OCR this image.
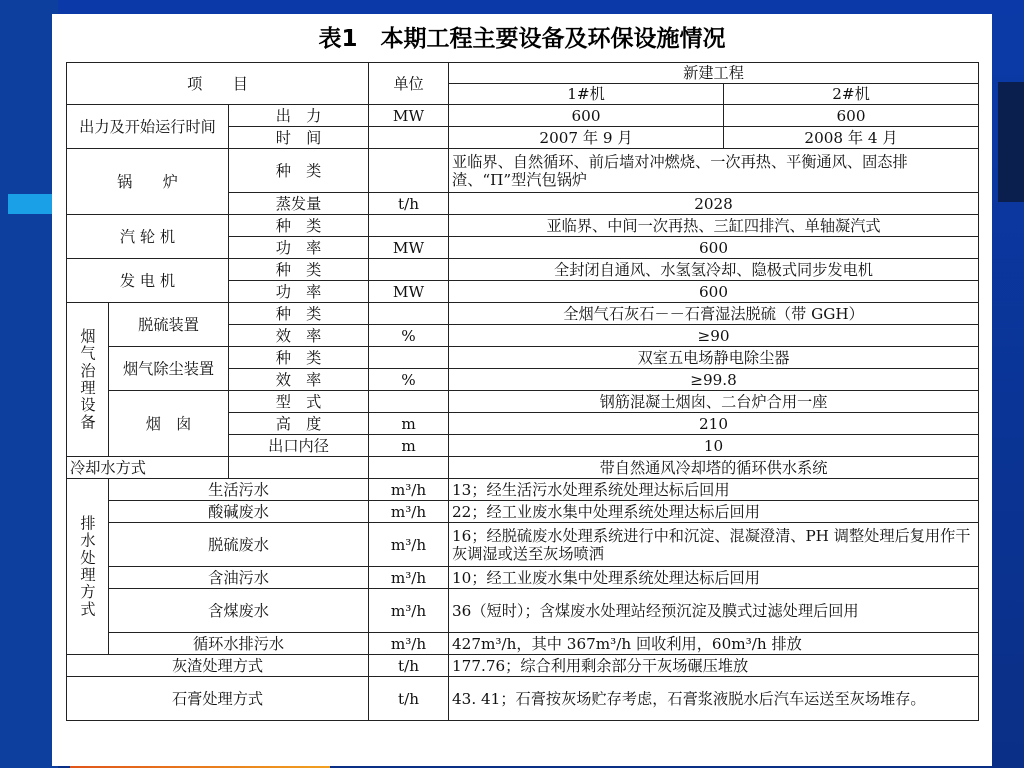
表1　本期工程主要设备及环保设施情况
项　　目			单位	新建工程	
				1#机	2#机
出力及开始运行时间		出　力	MW	600	600
		时　间		2007 年 9 月	2008 年 4 月
锅　　炉		种　类		亚临界、自然循环、前后墙对冲燃烧、一次再热、平衡通风、固态排渣、“П”型汽包锅炉	
		蒸发量	t/h	2028	
汽 轮 机		种　类		亚临界、中间一次再热、三缸四排汽、单轴凝汽式	
		功　率	MW	600	
发 电 机		种　类		全封闭自通风、水氢氢冷却、隐极式同步发电机	
		功　率	MW	600	
烟气治理设备	脱硫装置	种　类		全烟气石灰石－－石膏湿法脱硫（带 GGH）	
		效　率	%	≥90	
	烟气除尘装置	种　类		双室五电场静电除尘器	
		效　率	%	≥99.8	
	烟　囱	型　式		钢筋混凝土烟囱、二台炉合用一座	
		高　度	m	210	
		出口内径	m	10	
冷却水方式				带自然通风冷却塔的循环供水系统	
排水处理方式	生活污水		m³/h	13；经生活污水处理系统处理达标后回用	
	酸碱废水		m³/h	22；经工业废水集中处理系统处理达标后回用	
	脱硫废水		m³/h	16；经脱硫废水处理系统进行中和沉淀、混凝澄清、PH 调整处理后复用作干灰调湿或送至灰场喷洒	
	含油污水		m³/h	10；经工业废水集中处理系统处理达标后回用	
	含煤废水		m³/h	36（短时）；含煤废水处理站经预沉淀及膜式过滤处理后回用	
	循环水排污水		m³/h	427m³/h，其中 367m³/h 回收利用，60m³/h 排放	
灰渣处理方式			t/h	177.76；综合利用剩余部分干灰场碾压堆放	
石膏处理方式			t/h	43. 41；石膏按灰场贮存考虑，石膏浆液脱水后汽车运送至灰场堆存。	
